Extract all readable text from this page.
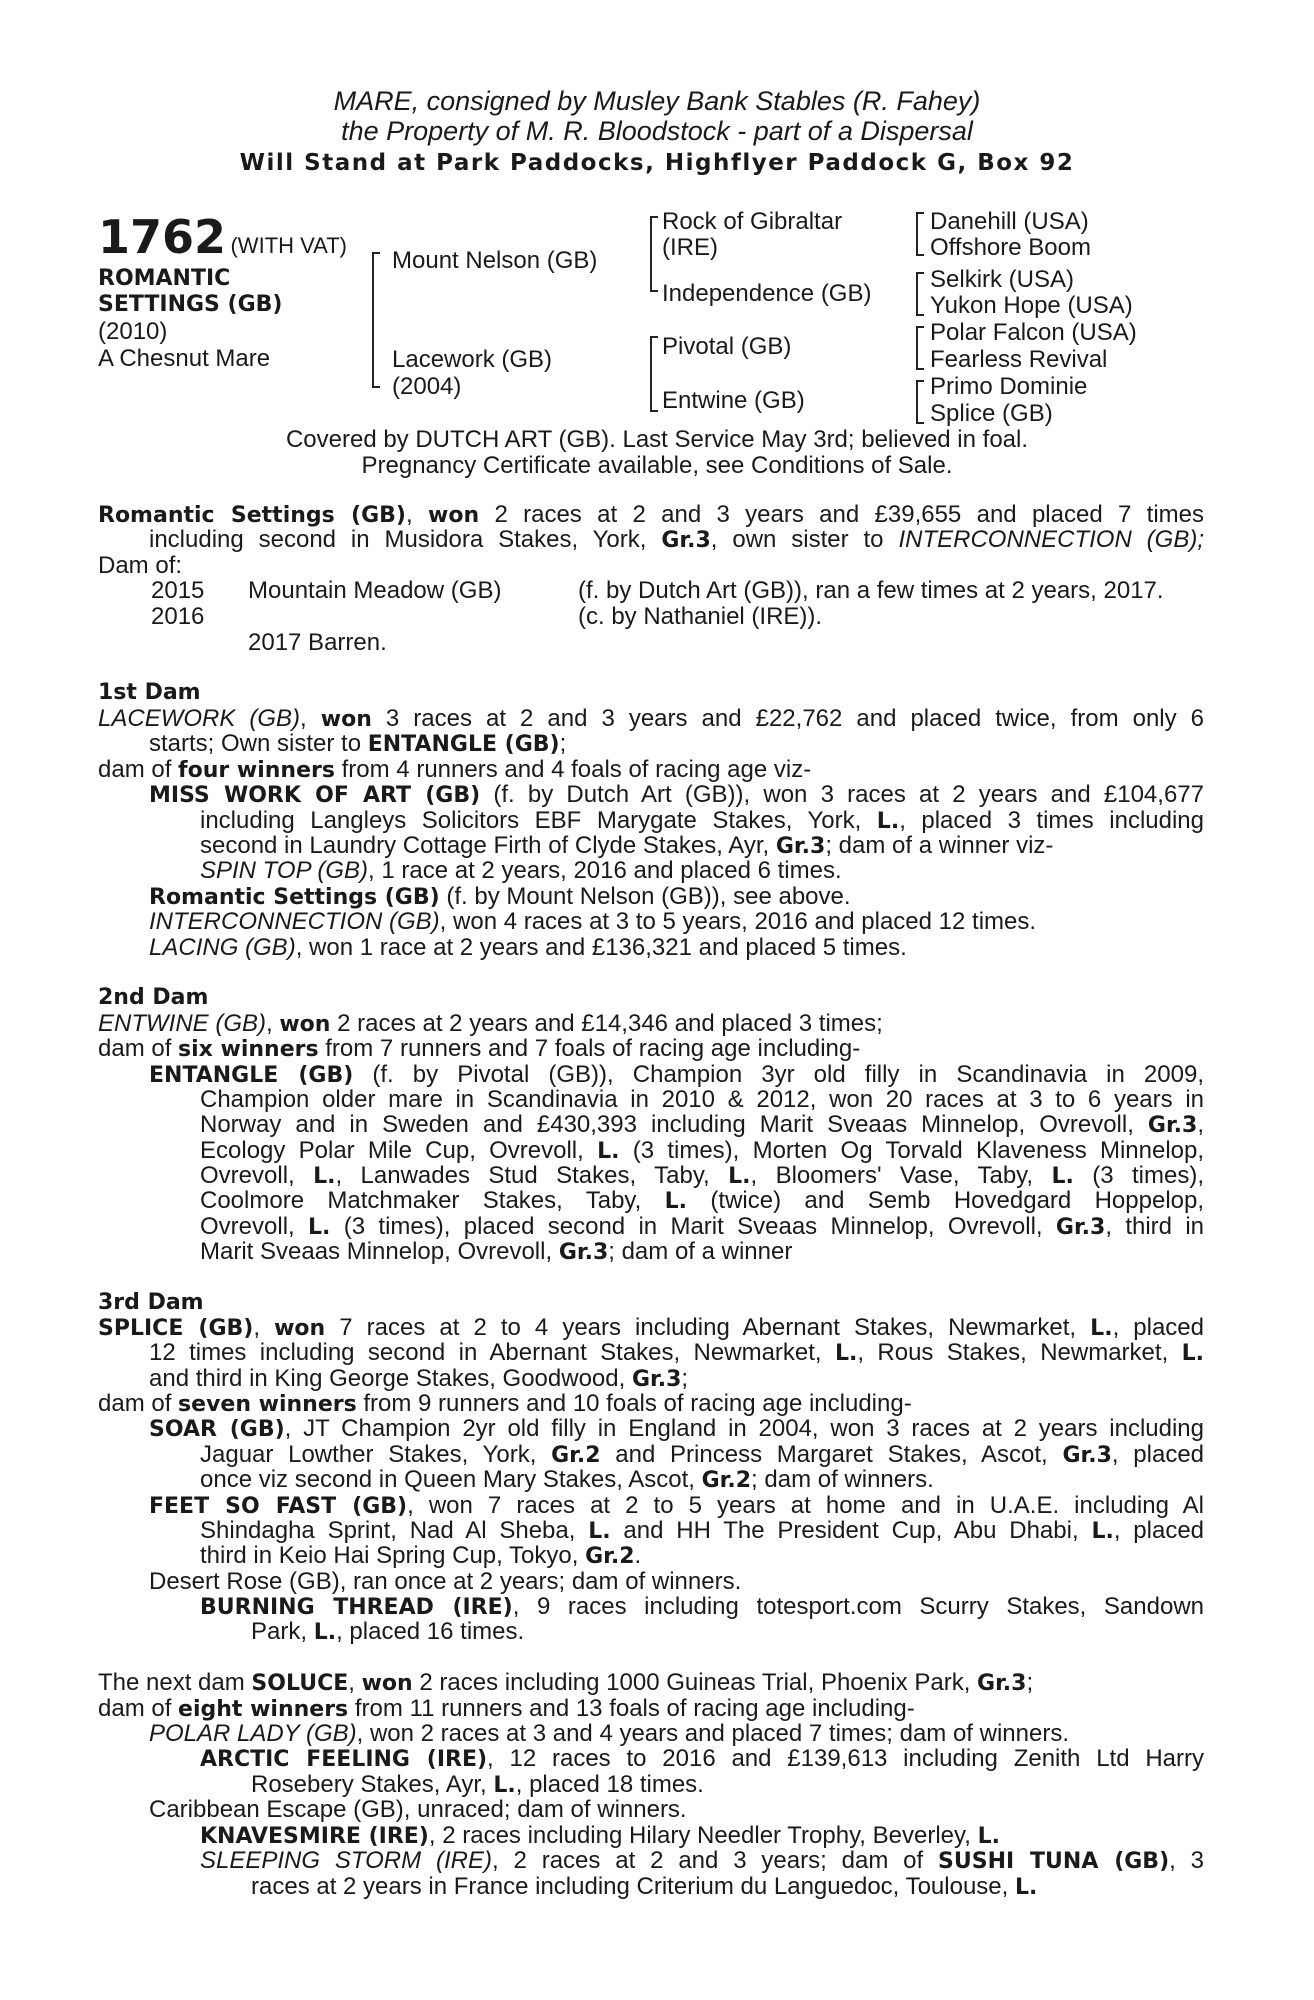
MARE, consigned by Musley Bank Stables (R. Fahey)
the Property of M. R. Bloodstock - part of a Dispersal
Will Stand at Park Paddocks, Highflyer Paddock G, Box 92
1762 (WITH VAT)
ROMANTIC
SETTINGS (GB)
(2010)
A Chesnut Mare
Mount Nelson (GB)
Lacework (GB)
(2004)
Rock of Gibraltar
(IRE)
Independence (GB)
Pivotal (GB)
Entwine (GB)
Danehill (USA)
Offshore Boom
Selkirk (USA)
Yukon Hope (USA)
Polar Falcon (USA)
Fearless Revival
Primo Dominie
Splice (GB)
Covered by DUTCH ART (GB). Last Service May 3rd; believed in foal.
Pregnancy Certificate available, see Conditions of Sale.
Romantic Settings (GB), won 2 races at 2 and 3 years and £39,655 and placed 7 times
including second in Musidora Stakes, York, Gr.3, own sister to INTERCONNECTION (GB);
Dam of:
2015 Mountain Meadow (GB)	(f. by Dutch Art (GB)), ran a few times at 2 years, 2017.
2016	(c. by Nathaniel (IRE)).
2017 Barren.
1st Dam
LACEWORK (GB), won 3 races at 2 and 3 years and £22,762 and placed twice, from only 6
starts; Own sister to ENTANGLE (GB);
dam of four winners from 4 runners and 4 foals of racing age viz-
MISS WORK OF ART (GB) (f. by Dutch Art (GB)), won 3 races at 2 years and £104,677
including Langleys Solicitors EBF Marygate Stakes, York, L., placed 3 times including
second in Laundry Cottage Firth of Clyde Stakes, Ayr, Gr.3; dam of a winner viz-
SPIN TOP (GB), 1 race at 2 years, 2016 and placed 6 times.
Romantic Settings (GB) (f. by Mount Nelson (GB)), see above.
INTERCONNECTION (GB), won 4 races at 3 to 5 years, 2016 and placed 12 times.
LACING (GB), won 1 race at 2 years and £136,321 and placed 5 times.
2nd Dam
ENTWINE (GB), won 2 races at 2 years and £14,346 and placed 3 times;
dam of six winners from 7 runners and 7 foals of racing age including-
ENTANGLE (GB) (f. by Pivotal (GB)), Champion 3yr old filly in Scandinavia in 2009,
Champion older mare in Scandinavia in 2010 & 2012, won 20 races at 3 to 6 years in
Norway and in Sweden and £430,393 including Marit Sveaas Minnelop, Ovrevoll, Gr.3,
Ecology Polar Mile Cup, Ovrevoll, L. (3 times), Morten Og Torvald Klaveness Minnelop,
Ovrevoll, L., Lanwades Stud Stakes, Taby, L., Bloomers' Vase, Taby, L. (3 times),
Coolmore Matchmaker Stakes, Taby, L. (twice) and Semb Hovedgard Hoppelop,
Ovrevoll, L. (3 times), placed second in Marit Sveaas Minnelop, Ovrevoll, Gr.3, third in
Marit Sveaas Minnelop, Ovrevoll, Gr.3; dam of a winner
3rd Dam
SPLICE (GB), won 7 races at 2 to 4 years including Abernant Stakes, Newmarket, L., placed
12 times including second in Abernant Stakes, Newmarket, L., Rous Stakes, Newmarket, L.
and third in King George Stakes, Goodwood, Gr.3;
dam of seven winners from 9 runners and 10 foals of racing age including-
SOAR (GB), JT Champion 2yr old filly in England in 2004, won 3 races at 2 years including
Jaguar Lowther Stakes, York, Gr.2 and Princess Margaret Stakes, Ascot, Gr.3, placed
once viz second in Queen Mary Stakes, Ascot, Gr.2; dam of winners.
FEET SO FAST (GB), won 7 races at 2 to 5 years at home and in U.A.E. including Al
Shindagha Sprint, Nad Al Sheba, L. and HH The President Cup, Abu Dhabi, L., placed
third in Keio Hai Spring Cup, Tokyo, Gr.2.
Desert Rose (GB), ran once at 2 years; dam of winners.
BURNING THREAD (IRE), 9 races including totesport.com Scurry Stakes, Sandown
Park, L., placed 16 times.
The next dam SOLUCE, won 2 races including 1000 Guineas Trial, Phoenix Park, Gr.3;
dam of eight winners from 11 runners and 13 foals of racing age including-
POLAR LADY (GB), won 2 races at 3 and 4 years and placed 7 times; dam of winners.
ARCTIC FEELING (IRE), 12 races to 2016 and £139,613 including Zenith Ltd Harry
Rosebery Stakes, Ayr, L., placed 18 times.
Caribbean Escape (GB), unraced; dam of winners.
KNAVESMIRE (IRE), 2 races including Hilary Needler Trophy, Beverley, L.
SLEEPING STORM (IRE), 2 races at 2 and 3 years; dam of SUSHI TUNA (GB), 3
races at 2 years in France including Criterium du Languedoc, Toulouse, L.
